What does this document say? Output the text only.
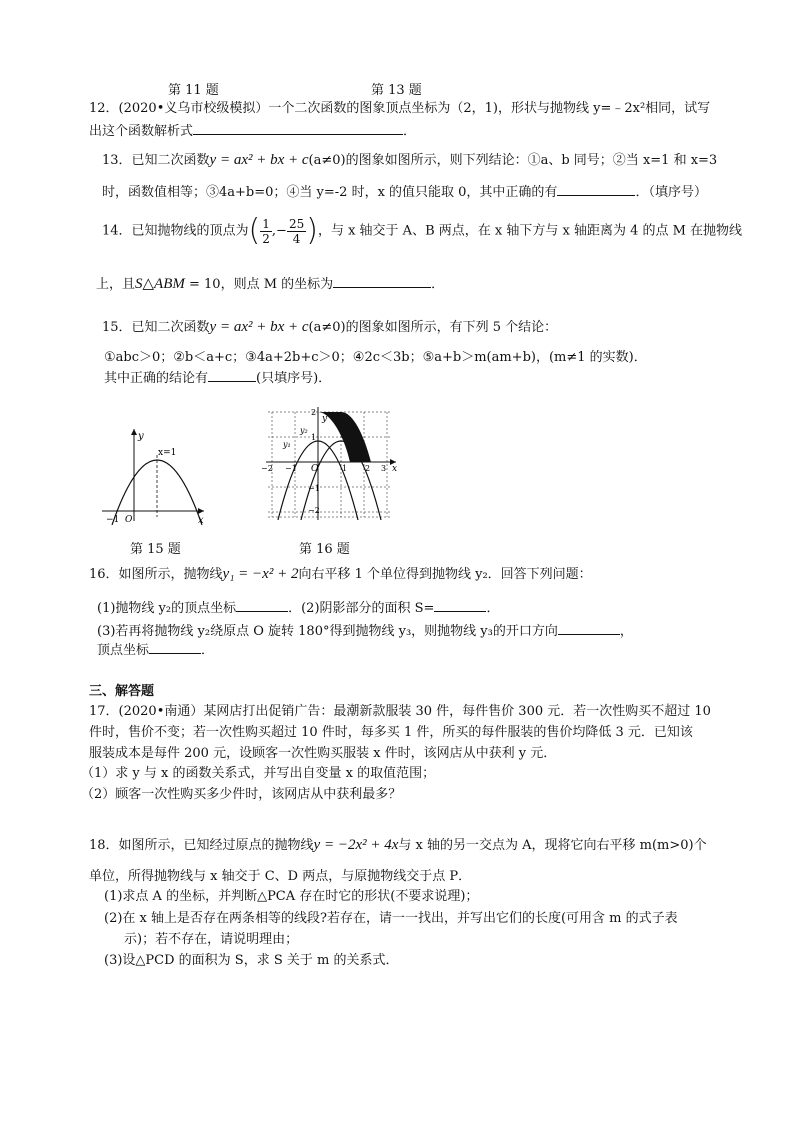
第 11 题	第 13 题
12．(2020•义乌市校级模拟）一个二次函数的图象顶点坐标为（2，1)，形状与抛物线 y=﹣2x²相同，试写
出这个函数解析式	．
13．已知二次函数y = ax² + bx + c(a≠0)的图象如图所示，则下列结论：①a、b 同号；②当 x=1 和 x=3
时，函数值相等；③4a+b=0；④当 y=-2 时，x 的值只能取 0，其中正确的有	．（填序号）
14．已知抛物线的顶点为( $\frac{1}{2}$ ,− $\frac{25}{4}$ )，与 x 轴交于 A、B 两点，在 x 轴下方与 x 轴距离为 4 的点 M 在抛物线
上，且S△ABM = 10，则点 M 的坐标为	．
15．已知二次函数y = ax² + bx + c(a≠0)的图象如图所示，有下列 5 个结论：
①abc＞0；②b＜a+c；③4a+2b+c＞0；④2c＜3b；⑤a+b＞m(am+b)，(m≠1 的实数)．
其中正确的结论有	(只填序号)．
x
y
x=1
−1 O
x
y
O
y₁
y₂
−2 −1	1 2 3
2
1
−1
−2
第 15 题	第 16 题
16．如图所示，抛物线y₁ = −x² + 2向右平移 1 个单位得到抛物线 y₂．回答下列问题：
(1)抛物线 y₂的顶点坐标	．(2)阴影部分的面积 S=	．
(3)若再将抛物线 y₂绕原点 O 旋转 180°得到抛物线 y₃，则抛物线 y₃的开口方向	，
顶点坐标	．
三、解答题
17．(2020•南通）某网店打出促销广告：最潮新款服装 30 件，每件售价 300 元．若一次性购买不超过 10
件时，售价不变；若一次性购买超过 10 件时，每多买 1 件，所买的每件服装的售价均降低 3 元．已知该
服装成本是每件 200 元，设顾客一次性购买服装 x 件时，该网店从中获利 y 元．
（1）求 y 与 x 的函数关系式，并写出自变量 x 的取值范围；
（2）顾客一次性购买多少件时，该网店从中获利最多？
18．如图所示，已知经过原点的抛物线y = −2x² + 4x与 x 轴的另一交点为 A，现将它向右平移 m(m>0)个
单位，所得抛物线与 x 轴交于 C、D 两点，与原抛物线交于点 P．
(1)求点 A 的坐标，并判断△PCA 存在时它的形状(不要求说理)；
(2)在 x 轴上是否存在两条相等的线段?若存在，请一一找出，并写出它们的长度(可用含 m 的式子表
示)；若不存在，请说明理由；
(3)设△PCD 的面积为 S，求 S 关于 m 的关系式．
